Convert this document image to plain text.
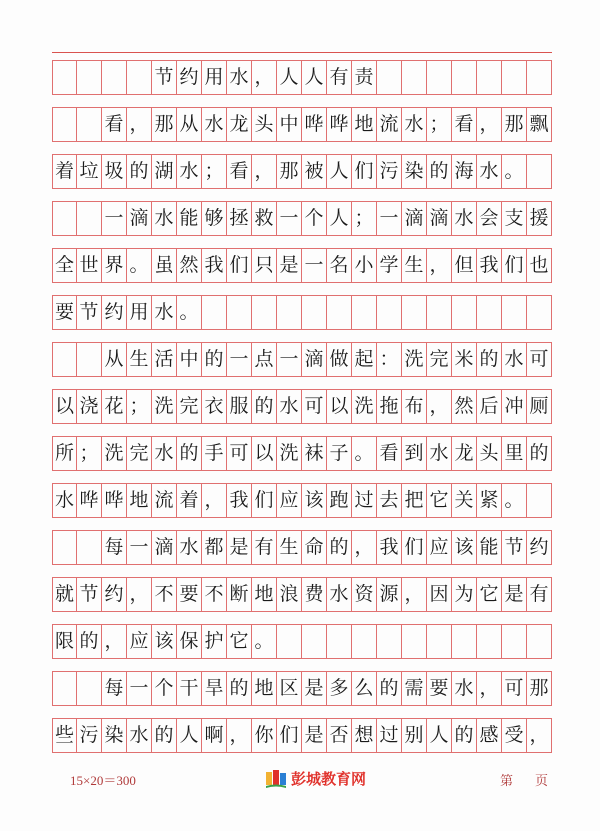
节 约 用 水 ， 人 人 有 责
看 ， 那 从 水 龙 头 中 哗 哗 地 流 水 ； 看 ， 那 飘
着 垃 圾 的 湖 水 ； 看 ， 那 被 人 们 污 染 的 海 水 。
一 滴 水 能 够 拯 救 一 个 人 ； 一 滴 滴 水 会 支 援
全 世 界 。 虽 然 我 们 只 是 一 名 小 学 生 ， 但 我 们 也
要 节 约 用 水 。
从 生 活 中 的 一 点 一 滴 做 起 ： 洗 完 米 的 水 可
以 浇 花 ； 洗 完 衣 服 的 水 可 以 洗 拖 布 ， 然 后 冲 厕
所 ； 洗 完 水 的 手 可 以 洗 袜 子 。 看 到 水 龙 头 里 的
水 哗 哗 地 流 着 ， 我 们 应 该 跑 过 去 把 它 关 紧 。
每 一 滴 水 都 是 有 生 命 的 ， 我 们 应 该 能 节 约
就 节 约 ， 不 要 不 断 地 浪 费 水 资 源 ， 因 为 它 是 有
限 的 ， 应 该 保 护 它 。
每 一 个 干 旱 的 地 区 是 多 么 的 需 要 水 ， 可 那
些 污 染 水 的 人 啊 ， 你 们 是 否 想 过 别 人 的 感 受 ，
15×20＝300	彭城教育网	第 页
